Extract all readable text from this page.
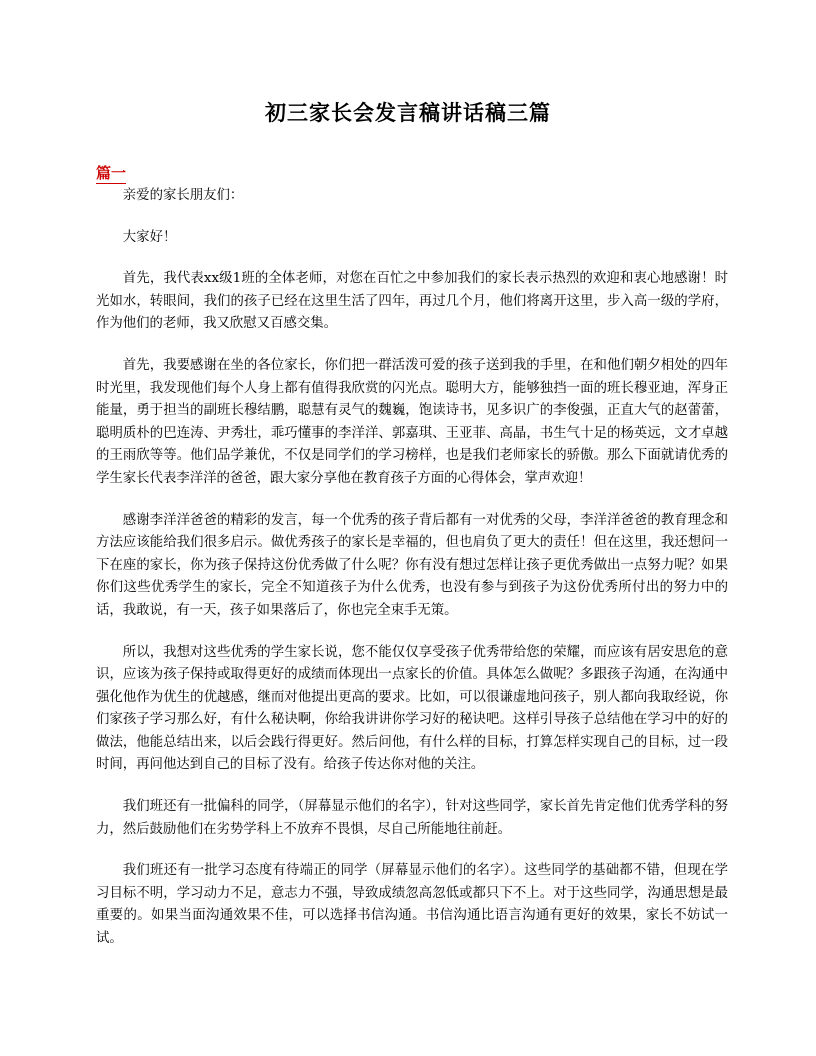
初三家长会发言稿讲话稿三篇
篇一

亲爱的家长朋友们：

大家好！

首先，我代表xx级1班的全体老师，对您在百忙之中参加我们的家长表示热烈的欢迎和衷心地感谢！时光如水，转眼间，我们的孩子已经在这里生活了四年，再过几个月，他们将离开这里，步入高一级的学府，作为他们的老师，我又欣慰又百感交集。

首先，我要感谢在坐的各位家长，你们把一群活泼可爱的孩子送到我的手里，在和他们朝夕相处的四年时光里，我发现他们每个人身上都有值得我欣赏的闪光点。聪明大方，能够独挡一面的班长穆亚迪，浑身正能量，勇于担当的副班长穆结鹏，聪慧有灵气的魏巍，饱读诗书，见多识广的李俊强，正直大气的赵蕾蕾，聪明质朴的巴连涛、尹秀壮，乖巧懂事的李洋洋、郭嘉琪、王亚菲、高晶，书生气十足的杨英远，文才卓越的王雨欣等等。他们品学兼优，不仅是同学们的学习榜样，也是我们老师家长的骄傲。那么下面就请优秀的学生家长代表李洋洋的爸爸，跟大家分享他在教育孩子方面的心得体会，掌声欢迎！

感谢李洋洋爸爸的精彩的发言，每一个优秀的孩子背后都有一对优秀的父母，李洋洋爸爸的教育理念和方法应该能给我们很多启示。做优秀孩子的家长是幸福的，但也肩负了更大的责任！但在这里，我还想问一下在座的家长，你为孩子保持这份优秀做了什么呢？你有没有想过怎样让孩子更优秀做出一点努力呢？如果你们这些优秀学生的家长，完全不知道孩子为什么优秀，也没有参与到孩子为这份优秀所付出的努力中的话，我敢说，有一天，孩子如果落后了，你也完全束手无策。

所以，我想对这些优秀的学生家长说，您不能仅仅享受孩子优秀带给您的荣耀，而应该有居安思危的意识，应该为孩子保持或取得更好的成绩而体现出一点家长的价值。具体怎么做呢？多跟孩子沟通，在沟通中强化他作为优生的优越感，继而对他提出更高的要求。比如，可以很谦虚地问孩子，别人都向我取经说，你们家孩子学习那么好，有什么秘诀啊，你给我讲讲你学习好的秘诀吧。这样引导孩子总结他在学习中的好的做法，他能总结出来，以后会践行得更好。然后问他，有什么样的目标，打算怎样实现自己的目标，过一段时间，再问他达到自己的目标了没有。给孩子传达你对他的关注。

我们班还有一批偏科的同学，（屏幕显示他们的名字），针对这些同学，家长首先肯定他们优秀学科的努力，然后鼓励他们在劣势学科上不放弃不畏惧，尽自己所能地往前赶。

我们班还有一批学习态度有待端正的同学（屏幕显示他们的名字）。这些同学的基础都不错，但现在学习目标不明，学习动力不足，意志力不强，导致成绩忽高忽低或都只下不上。对于这些同学，沟通思想是最重要的。如果当面沟通效果不佳，可以选择书信沟通。书信沟通比语言沟通有更好的效果，家长不妨试一试。
